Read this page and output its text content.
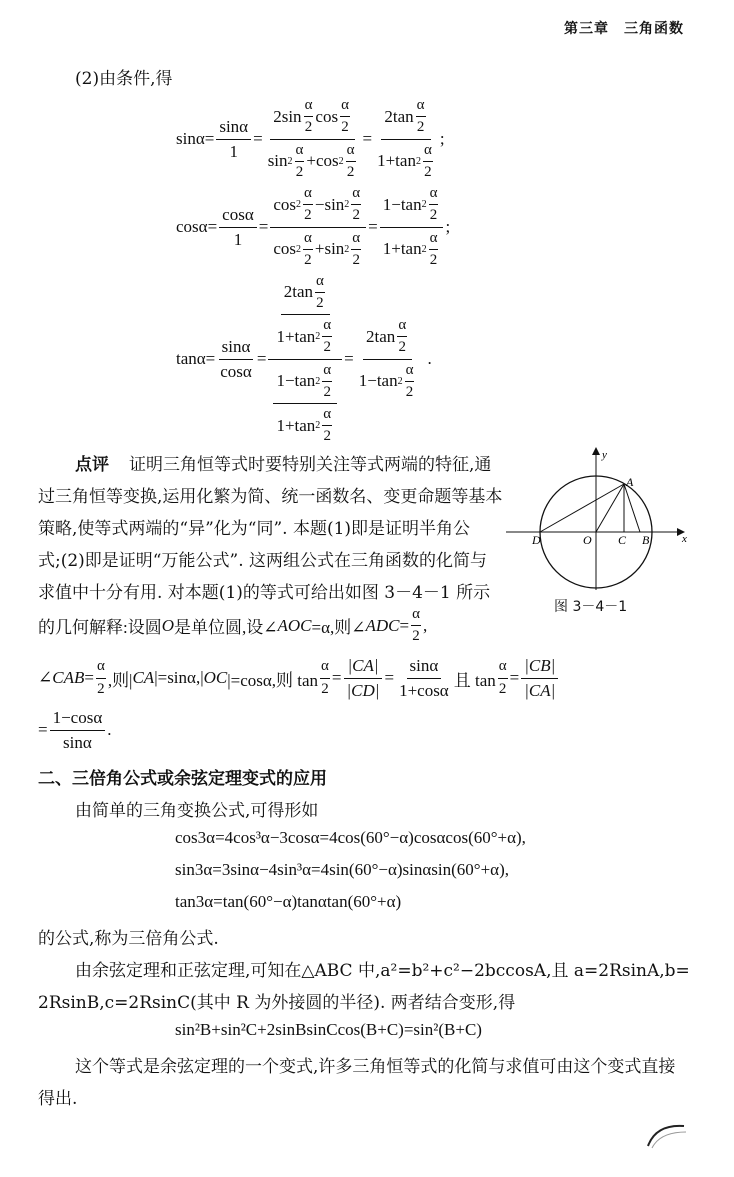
第三章　三角函数
(2)由条件,得
$\sin\alpha= \frac{\sin\alpha}{1} = \frac{2\sin \frac{\alpha}{2} \cos \frac{\alpha}{2}}{\sin 2 \frac{\alpha}{2} +\cos 2 \frac{\alpha}{2}} = \frac{2\tan \frac{\alpha}{2}}{1+\tan 2 \frac{\alpha}{2}}$ ;
$\cos\alpha= \frac{\cos\alpha}{1} = \frac{\cos 2 \frac{\alpha}{2} -\sin 2 \frac{\alpha}{2}}{\cos 2 \frac{\alpha}{2} +\sin 2 \frac{\alpha}{2}} = \frac{1-\tan 2 \frac{\alpha}{2}}{1+\tan 2 \frac{\alpha}{2}}$ ;
$\tan\alpha= \frac{\sin\alpha}{\cos\alpha} = \frac{\frac{2\tan \frac{\alpha}{2}}{1+\tan 2 \frac{\alpha}{2}}}{\frac{1-\tan 2 \frac{\alpha}{2}}{1+\tan 2 \frac{\alpha}{2}}} = \frac{2\tan \frac{\alpha}{2}}{1-\tan 2 \frac{\alpha}{2}}$ .
点评 证明三角恒等式时要特别关注等式两端的特征,通
过三角恒等变换,运用化繁为简、统一函数名、变更命题等基本
策略,使等式两端的“异”化为“同”. 本题(1)即是证明半角公
式;(2)即是证明“万能公式”. 这两组公式在三角函数的化简与
求值中十分有用. 对本题(1)的等式可给出如图 3－4－1 所示
的几何解释:设圆 O 是单位圆,设∠ AOC =α,则∠ ADC = $\frac{\alpha}{2}$ ,
∠ CAB = $\frac{\alpha}{2}$ ,则| CA |=sinα,| OC |=cosα,则 $\tan \frac{\alpha}{2} = \frac{|CA|}{|CD|} = \frac{\sin\alpha}{1+\cos\alpha}$ 且 $\tan \frac{\alpha}{2} = \frac{|CB|}{|CA|}$
= $\frac{1-\cos\alpha}{\sin\alpha}$ .
y
x
A
B
C
D	O
图 3－4－1
二、三倍角公式或余弦定理变式的应用
由简单的三角变换公式,可得形如
cos3α=4cos³α−3cosα=4cos(60°−α)cosαcos(60°+α),
sin3α=3sinα−4sin³α=4sin(60°−α)sinαsin(60°+α),
tan3α=tan(60°−α)tanαtan(60°+α)
的公式,称为三倍角公式.
由余弦定理和正弦定理,可知在△ABC 中,a²=b²+c²−2bccosA,且 a=2RsinA,b=
2RsinB,c=2RsinC(其中 R 为外接圆的半径). 两者结合变形,得
sin²B+sin²C+2sinBsinCcos(B+C)=sin²(B+C)
这个等式是余弦定理的一个变式,许多三角恒等式的化简与求值可由这个变式直接
得出.
